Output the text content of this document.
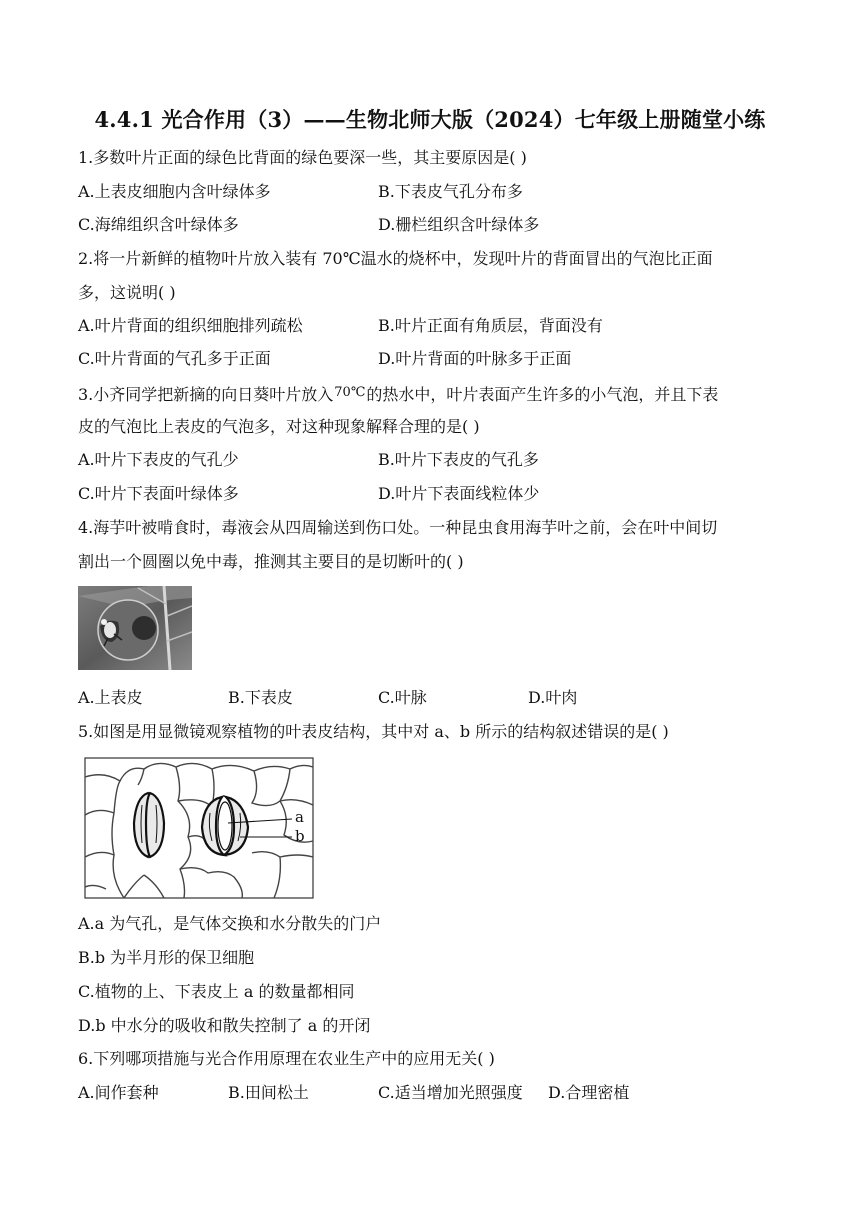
4.4.1 光合作用（3）——生物北师大版（2024）七年级上册随堂小练
1.多数叶片正面的绿色比背面的绿色要深一些，其主要原因是( )
A.上表皮细胞内含叶绿体多	B.下表皮气孔分布多
C.海绵组织含叶绿体多	D.栅栏组织含叶绿体多
2.将一片新鲜的植物叶片放入装有 70℃温水的烧杯中，发现叶片的背面冒出的气泡比正面
多，这说明( )
A.叶片背面的组织细胞排列疏松	B.叶片正面有角质层，背面没有
C.叶片背面的气孔多于正面	D.叶片背面的叶脉多于正面
3.小齐同学把新摘的向日葵叶片放入$^{70℃}$的热水中，叶片表面产生许多的小气泡，并且下表
皮的气泡比上表皮的气泡多，对这种现象解释合理的是( )
A.叶片下表皮的气孔少	B.叶片下表皮的气孔多
C.叶片下表面叶绿体多	D.叶片下表面线粒体少
4.海芋叶被啃食时，毒液会从四周输送到伤口处。一种昆虫食用海芋叶之前，会在叶中间切
割出一个圆圈以免中毒，推测其主要目的是切断叶的( )
A.上表皮	B.下表皮	C.叶脉	D.叶肉
5.如图是用显微镜观察植物的叶表皮结构，其中对 a、b 所示的结构叙述错误的是( )
a
b
A.a 为气孔，是气体交换和水分散失的门户
B.b 为半月形的保卫细胞
C.植物的上、下表皮上 a 的数量都相同
D.b 中水分的吸收和散失控制了 a 的开闭
6.下列哪项措施与光合作用原理在农业生产中的应用无关( )
A.间作套种	B.田间松土	C.适当增加光照强度 D.合理密植
